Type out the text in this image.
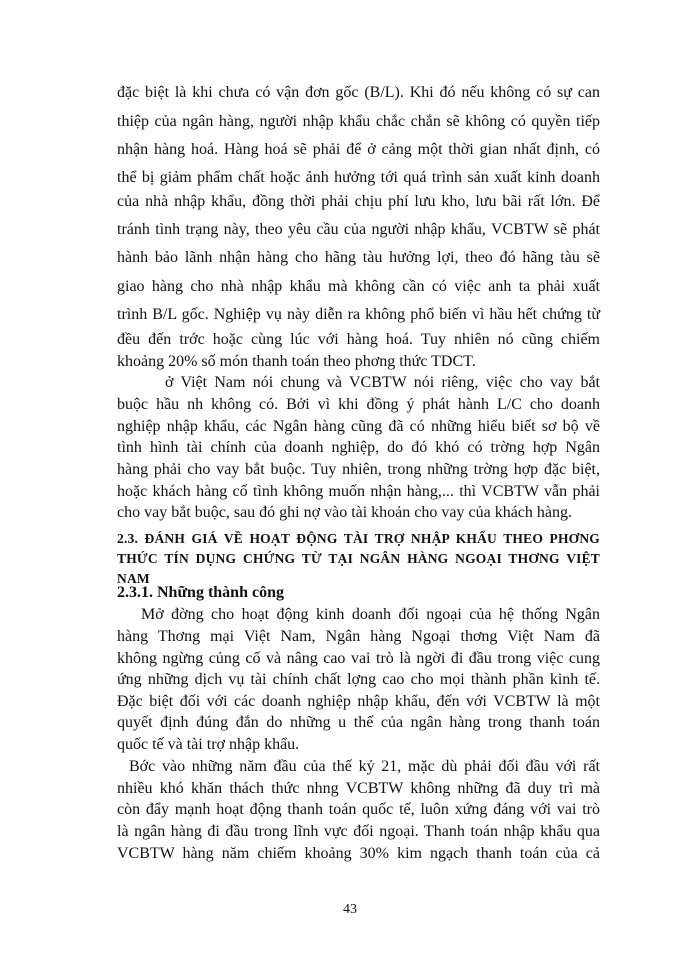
đặc biệt là khi chưa có vận đơn gốc (B/L). Khi đó nếu không có sự can
thiệp của ngân hàng, người nhập khẩu chắc chắn sẽ không có quyền tiếp
nhận hàng hoá. Hàng hoá sẽ phải để ở cảng một thời gian nhất định, có
thể bị giảm phẩm chất hoặc ảnh hưởng tới quá trình sản xuất kinh doanh
của nhà nhập khẩu, đồng thời phải chịu phí lưu kho, lưu bãi rất lớn. Để
tránh tình trạng này, theo yêu cầu của người nhập khẩu, VCBTW sẽ phát
hành bảo lãnh nhận hàng cho hãng tàu hưởng lợi, theo đó hãng tàu sẽ
giao hàng cho nhà nhập khẩu mà không cần có việc anh ta phải xuất
trình B/L gốc. Nghiệp vụ này diễn ra không phổ biến vì hầu hết chứng từ
đều đến trớc hoặc cùng lúc với hàng hoá. Tuy nhiên nó cũng chiếm
khoảng 20% số món thanh toán theo phơng thức TDCT.
ở Việt Nam nói chung và VCBTW nói riêng, việc cho vay bắt
buộc hầu nh không có. Bởi vì khi đồng ý phát hành L/C cho doanh
nghiệp nhập khẩu, các Ngân hàng cũng đã có những hiểu biết sơ bộ về
tình hình tài chính của doanh nghiệp, do đó khó có trờng hợp Ngân
hàng phải cho vay bắt buộc. Tuy nhiên, trong những trờng hợp đặc biệt,
hoặc khách hàng cố tình không muốn nhận hàng,... thì VCBTW vẫn phải
cho vay bắt buộc, sau đó ghi nợ vào tài khoản cho vay của khách hàng.
2.3. ĐÁNH GIÁ VỀ HOẠT ĐỘNG TÀI TRỢ NHẬP KHẨU THEO PHƠNG
THỨC TÍN DỤNG CHỨNG TỪ TẠI NGÂN HÀNG NGOẠI THƠNG VIỆT
NAM
2.3.1. Những thành công
Mở đờng cho hoạt động kinh doanh đối ngoại của hệ thống Ngân
hàng Thơng mại Việt Nam, Ngân hàng Ngoại thơng Việt Nam đã
không ngừng củng cố và nâng cao vai trò là ngời đi đầu trong việc cung
ứng những dịch vụ tài chính chất lợng cao cho mọi thành phần kinh tế.
Đặc biệt đối với các doanh nghiệp nhập khẩu, đến với VCBTW là một
quyết định đúng đắn do những u thế của ngân hàng trong thanh toán
quốc tế và tài trợ nhập khẩu.
Bớc vào những năm đầu của thế kỷ 21, mặc dù phải đối đầu với rất
nhiều khó khăn thách thức nhng VCBTW không những đã duy trì mà
còn đẩy mạnh hoạt động thanh toán quốc tế, luôn xứng đáng với vai trò
là ngân hàng đi đầu trong lĩnh vực đối ngoại. Thanh toán nhập khẩu qua
VCBTW hàng năm chiếm khoảng 30% kim ngạch thanh toán của cả
43
